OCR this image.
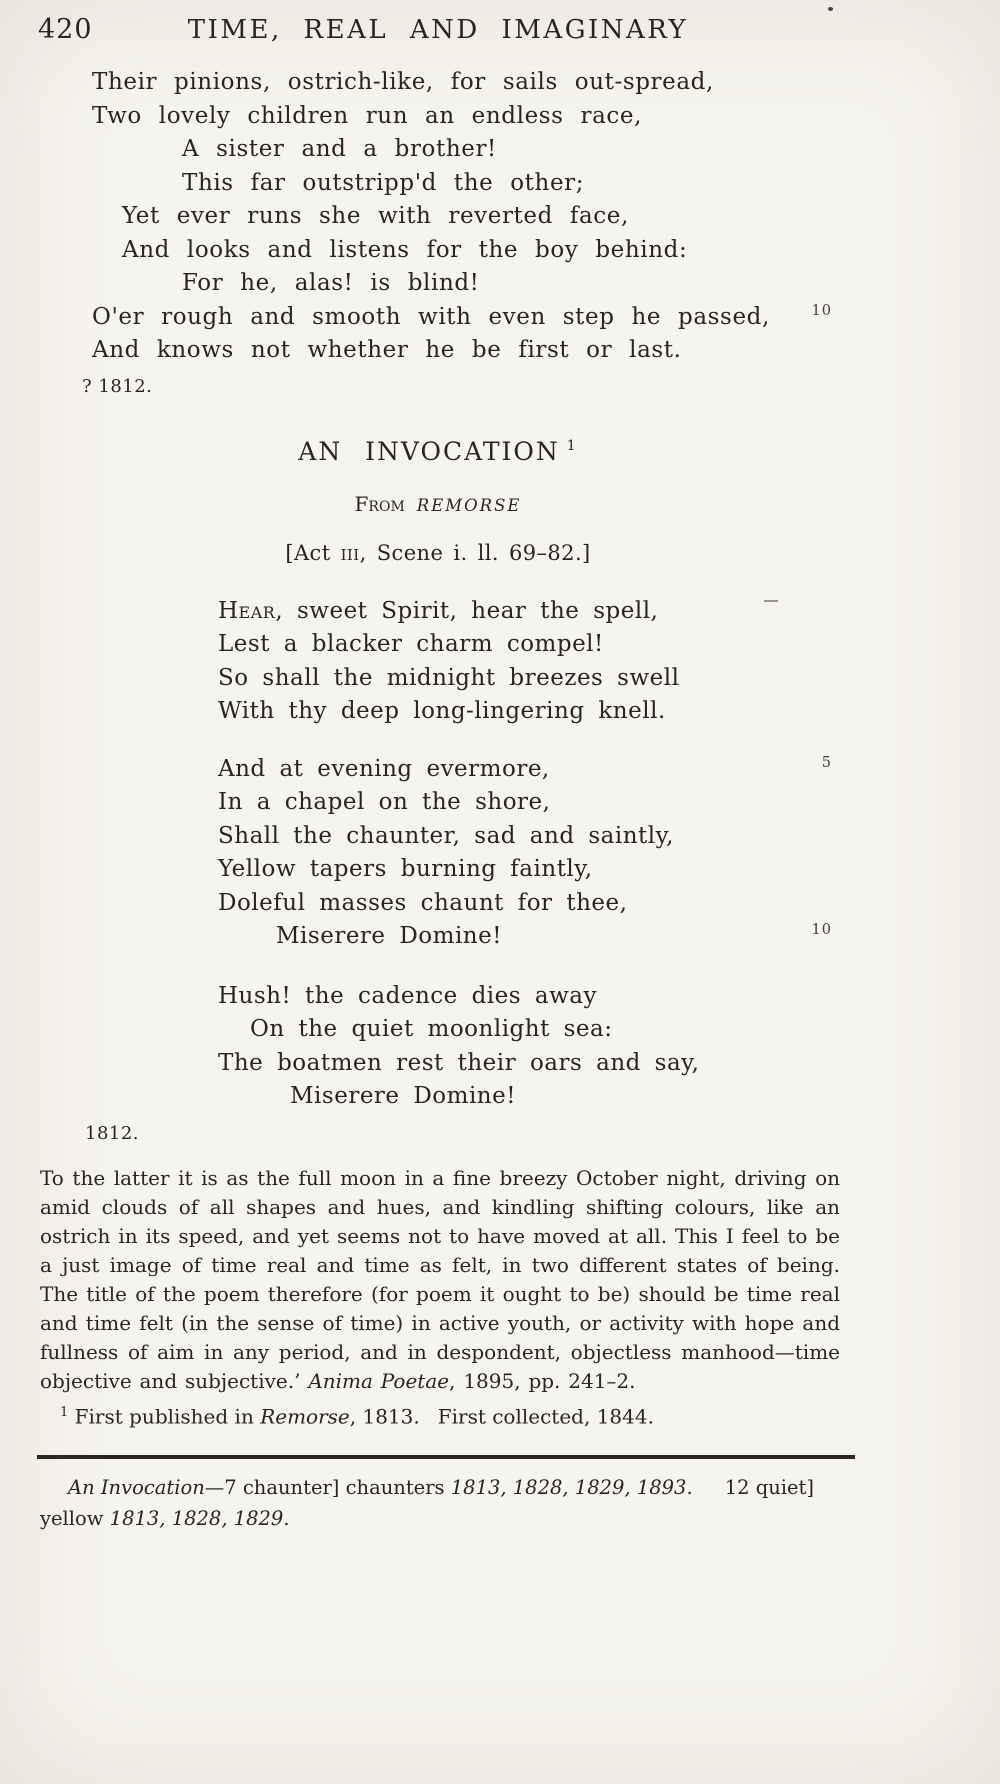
420	TIME, REAL AND IMAGINARY
Their pinions, ostrich-like, for sails out-spread,
Two lovely children run an endless race,
A sister and a brother!
This far outstripp'd the other;
Yet ever runs she with reverted face,
And looks and listens for the boy behind:
For he, alas! is blind!
O'er rough and smooth with even step he passed,	10
And knows not whether he be first or last.
? 1812.
AN INVOCATION $^1$
From REMORSE
[Act iii, Scene i. ll. 69–82.]
Hear, sweet Spirit, hear the spell,
Lest a blacker charm compel!
So shall the midnight breezes swell
With thy deep long-lingering knell.
And at evening evermore,	5
In a chapel on the shore,
Shall the chaunter, sad and saintly,
Yellow tapers burning faintly,
Doleful masses chaunt for thee,
Miserere Domine!	10
Hush! the cadence dies away
On the quiet moonlight sea:
The boatmen rest their oars and say,
Miserere Domine!
1812.

To the latter it is as the full moon in a fine breezy October night, driving on amid clouds of all shapes and hues, and kindling shifting colours, like an ostrich in its speed, and yet seems not to have moved at all. This I feel to be a just image of time real and time as felt, in two different states of being. The title of the poem therefore (for poem it ought to be) should be time real and time felt (in the sense of time) in active youth, or activity with hope and fullness of aim in any period, and in despondent, objectless manhood—time objective and subjective.’ Anima Poetae, 1895, pp. 241–2.

$^1$ First published in Remorse, 1813. First collected, 1844.

12 quiet]
An Invocation—7 chaunter] chaunters 1813, 1828, 1829, 1893.
yellow 1813, 1828, 1829.
